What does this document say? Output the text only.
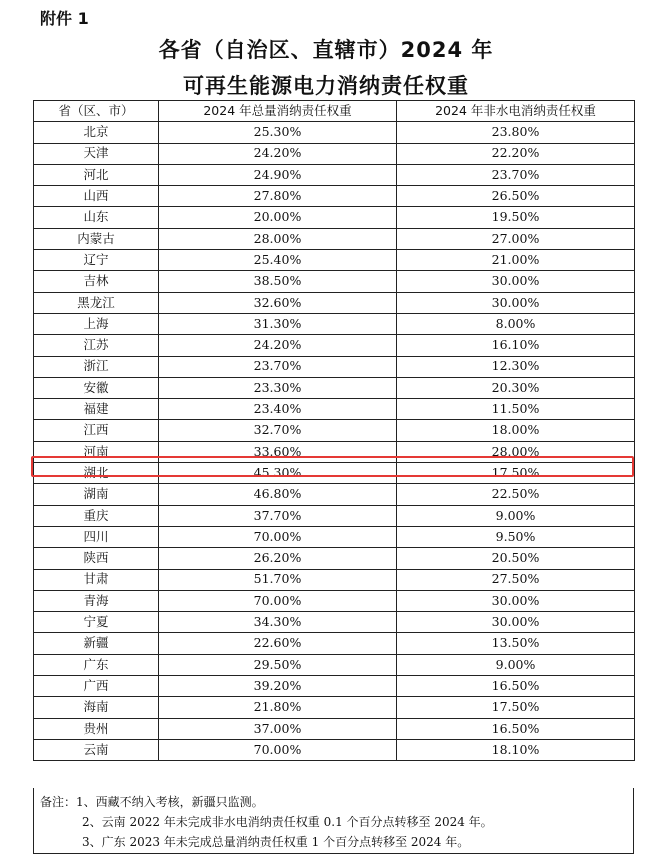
附件 1
各省（自治区、直辖市）2024 年
可再生能源电力消纳责任权重
省（区、市）	2024 年总量消纳责任权重	2024 年非水电消纳责任权重
北京	25.30%	23.80%
天津	24.20%	22.20%
河北	24.90%	23.70%
山西	27.80%	26.50%
山东	20.00%	19.50%
内蒙古	28.00%	27.00%
辽宁	25.40%	21.00%
吉林	38.50%	30.00%
黑龙江	32.60%	30.00%
上海	31.30%	8.00%
江苏	24.20%	16.10%
浙江	23.70%	12.30%
安徽	23.30%	20.30%
福建	23.40%	11.50%
江西	32.70%	18.00%
河南	33.60%	28.00%
湖北	45.30%	17.50%
湖南	46.80%	22.50%
重庆	37.70%	9.00%
四川	70.00%	9.50%
陕西	26.20%	20.50%
甘肃	51.70%	27.50%
青海	70.00%	30.00%
宁夏	34.30%	30.00%
新疆	22.60%	13.50%
广东	29.50%	9.00%
广西	39.20%	16.50%
海南	21.80%	17.50%
贵州	37.00%	16.50%
云南	70.00%	18.10%
备注：1、西藏不纳入考核，新疆只监测。
2、云南 2022 年未完成非水电消纳责任权重 0.1 个百分点转移至 2024 年。
3、广东 2023 年未完成总量消纳责任权重 1 个百分点转移至 2024 年。
